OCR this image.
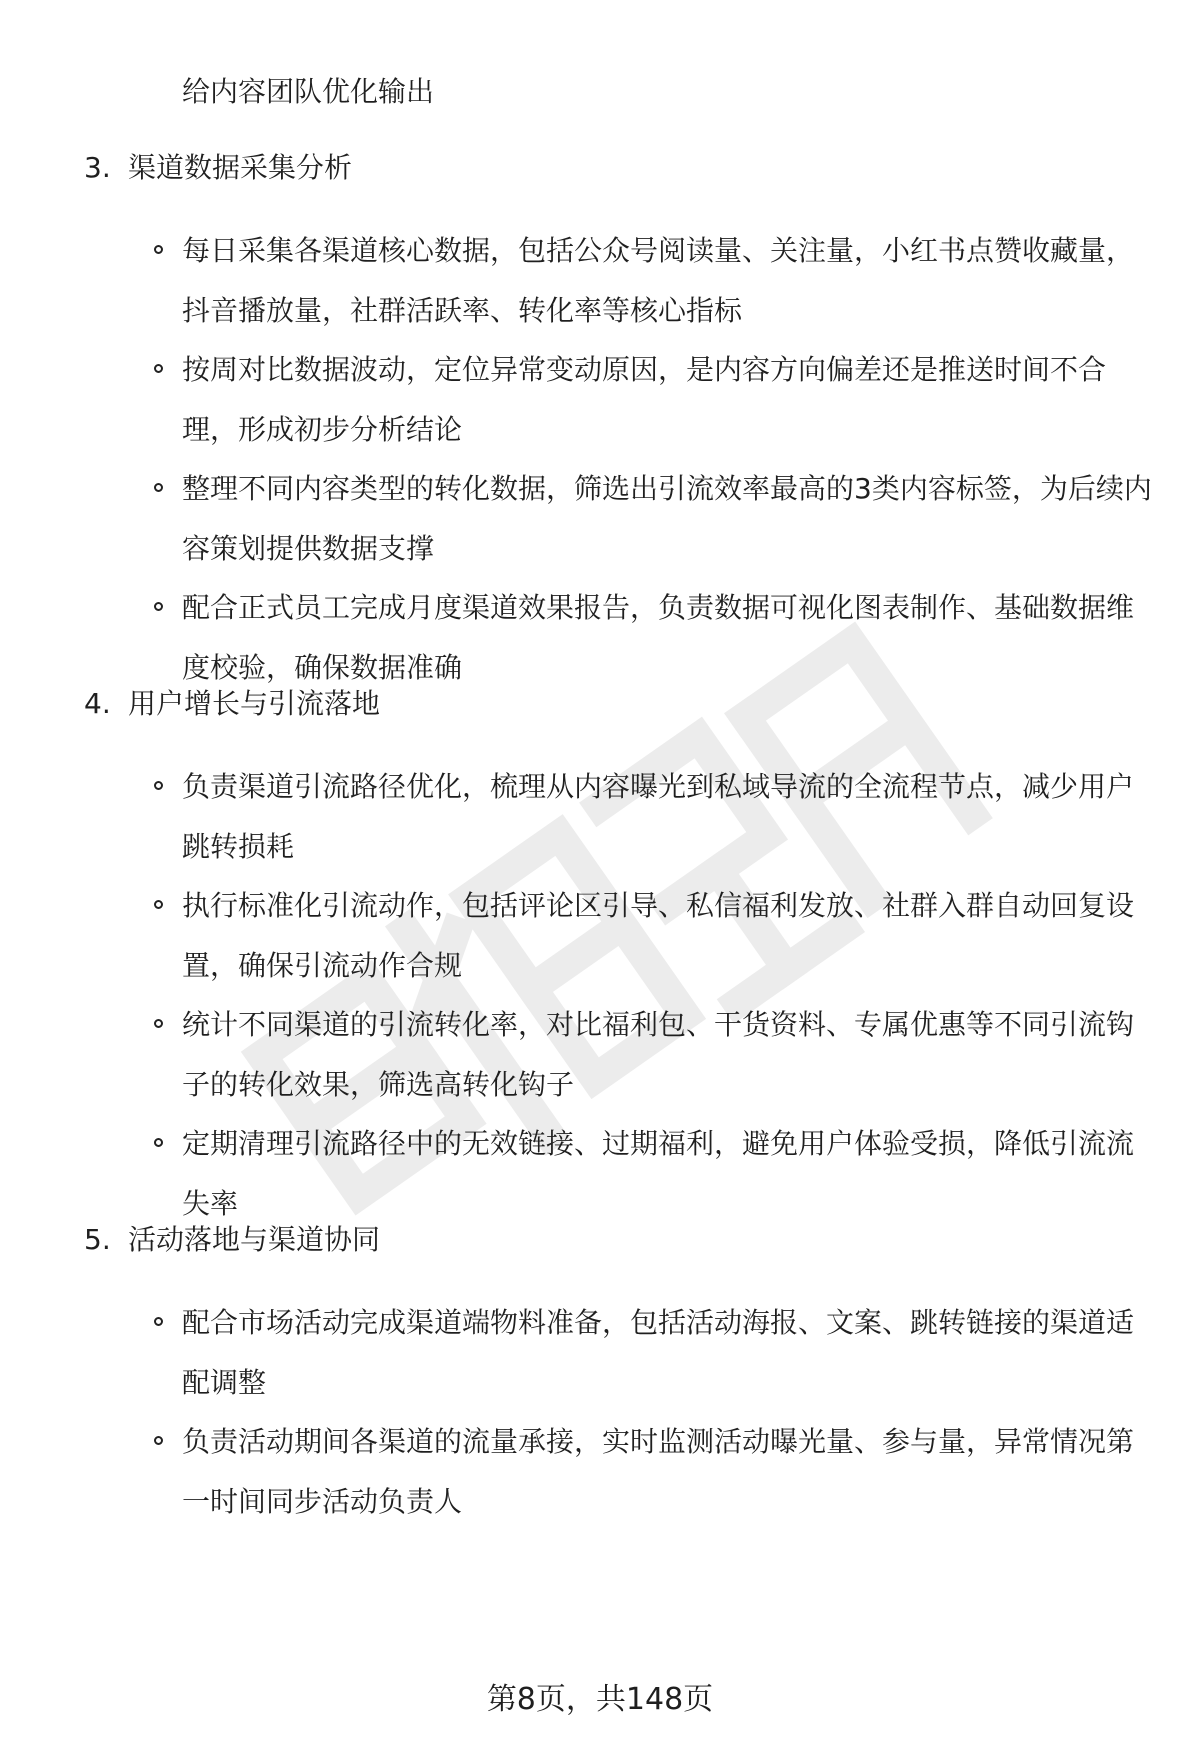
给内容团队优化输出

3. 渠道数据采集分析
每日采集各渠道核心数据，包括公众号阅读量、关注量，小红书点赞收藏量，抖音播放量，社群活跃率、转化率等核心指标
按周对比数据波动，定位异常变动原因，是内容方向偏差还是推送时间不合理，形成初步分析结论
整理不同内容类型的转化数据，筛选出引流效率最高的3类内容标签，为后续内容策划提供数据支撑
配合正式员工完成月度渠道效果报告，负责数据可视化图表制作、基础数据维度校验，确保数据准确
4. 用户增长与引流落地
负责渠道引流路径优化，梳理从内容曝光到私域导流的全流程节点，减少用户跳转损耗
执行标准化引流动作，包括评论区引导、私信福利发放、社群入群自动回复设置，确保引流动作合规
统计不同渠道的引流转化率，对比福利包、干货资料、专属优惠等不同引流钩子的转化效果，筛选高转化钩子
定期清理引流路径中的无效链接、过期福利，避免用户体验受损，降低引流流失率
5. 活动落地与渠道协同
配合市场活动完成渠道端物料准备，包括活动海报、文案、跳转链接的渠道适配调整
负责活动期间各渠道的流量承接，实时监测活动曝光量、参与量，异常情况第一时间同步活动负责人
第8页，共148页
